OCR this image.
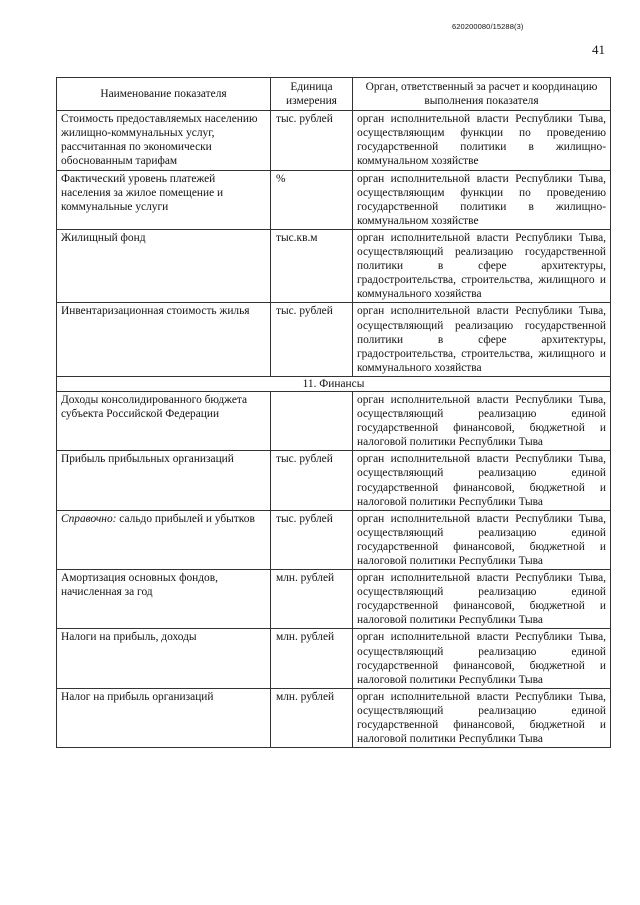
620200080/15288(3)
41
Наименование показателя	Единица измерения	Орган, ответственный за расчет и координацию выполнения показателя
Стоимость предоставляемых населению жилищно-коммунальных услуг, рассчитанная по экономически обоснованным тарифам	тыс. рублей	орган исполнительной власти Республики Тыва, осуществляющим функции по проведению государственной политики в жилищно-коммунальном хозяйстве
Фактический уровень платежей населения за жилое помещение и коммунальные услуги	%	орган исполнительной власти Республики Тыва, осуществляющим функции по проведению государственной политики в жилищно-коммунальном хозяйстве
Жилищный фонд	тыс.кв.м	орган исполнительной власти Республики Тыва, осуществляющий реализацию государственной политики в сфере архитектуры, градостроительства, строительства, жилищного и коммунального хозяйства
Инвентаризационная стоимость жилья	тыс. рублей	орган исполнительной власти Республики Тыва, осуществляющий реализацию государственной политики в сфере архитектуры, градостроительства, строительства, жилищного и коммунального хозяйства
11. Финансы		
Доходы консолидированного бюджета субъекта Российской Федерации		орган исполнительной власти Республики Тыва, осуществляющий реализацию единой государственной финансовой, бюджетной и налоговой политики Республики Тыва
Прибыль прибыльных организаций	тыс. рублей	орган исполнительной власти Республики Тыва, осуществляющий реализацию единой государственной финансовой, бюджетной и налоговой политики Республики Тыва
Справочно: сальдо прибылей и убытков	тыс. рублей	орган исполнительной власти Республики Тыва, осуществляющий реализацию единой государственной финансовой, бюджетной и налоговой политики Республики Тыва
Амортизация основных фондов, начисленная за год	млн. рублей	орган исполнительной власти Республики Тыва, осуществляющий реализацию единой государственной финансовой, бюджетной и налоговой политики Республики Тыва
Налоги на прибыль, доходы	млн. рублей	орган исполнительной власти Республики Тыва, осуществляющий реализацию единой государственной финансовой, бюджетной и налоговой политики Республики Тыва
Налог на прибыль организаций	млн. рублей	орган исполнительной власти Республики Тыва, осуществляющий реализацию единой государственной финансовой, бюджетной и налоговой политики Республики Тыва
